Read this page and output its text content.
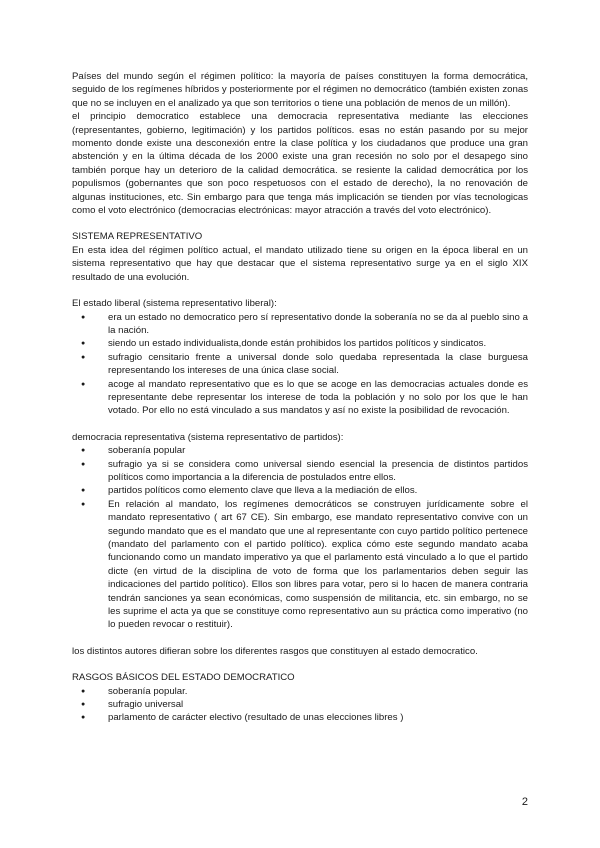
Países del mundo según el régimen político: la mayoría de países constituyen la forma democrática, seguido de los regímenes híbridos y posteriormente por el régimen no democrático (también existen zonas que no se incluyen en el analizado ya que son territorios o tiene una población de menos de un millón).

el principio democratico establece una democracia representativa mediante las elecciones (representantes, gobierno, legitimación) y los partidos políticos. esas no están pasando por su mejor momento donde existe una desconexión entre la clase política y los ciudadanos que produce una gran abstención y en la última década de los 2000 existe una gran recesión no solo por el desapego sino también porque hay un deterioro de la calidad democrática. se resiente la calidad democrática por los populismos (gobernantes que son poco respetuosos con el estado de derecho), la no renovación de algunas instituciones, etc. Sin embargo para que tenga más implicación se tienden por vías tecnologicas como el voto electrónico (democracias electrónicas: mayor atracción a través del voto electrónico).

SISTEMA REPRESENTATIVO

En esta idea del régimen político actual, el mandato utilizado tiene su origen en la época liberal en un sistema representativo que hay que destacar que el sistema representativo surge ya en el siglo XIX resultado de una evolución.

El estado liberal (sistema representativo liberal):

● era un estado no democratico pero sí representativo donde la soberanía no se da al pueblo sino a la nación.
● siendo un estado individualista,donde están prohibidos los partidos políticos y sindicatos.
● sufragio censitario frente a universal donde solo quedaba representada la clase burguesa representando los intereses de una única clase social.
● acoge al mandato representativo que es lo que se acoge en las democracias actuales donde es representante debe representar los interese de toda la población y no solo por los que le han votado. Por ello no está vinculado a sus mandatos y así no existe la posibilidad de revocación.

democracia representativa (sistema representativo de partidos):

● soberanía popular
● sufragio ya si se considera como universal siendo esencial la presencia de distintos partidos políticos como importancia a la diferencia de postulados entre ellos.
● partidos políticos como elemento clave que lleva a la mediación de ellos.
● En relación al mandato, los regímenes democráticos se construyen jurídicamente sobre el mandato representativo ( art 67 CE). Sin embargo, ese mandato representativo convive con un segundo mandato que es el mandato que une al representante con cuyo partido político pertenece (mandato del parlamento con el partido político). explica cómo este segundo mandato acaba funcionando como un mandato imperativo ya que el parlamento está vinculado a lo que el partido dicte (en virtud de la disciplina de voto de forma que los parlamentarios deben seguir las indicaciones del partido político). Ellos son libres para votar, pero si lo hacen de manera contraria tendrán sanciones ya sean económicas, como suspensión de militancia, etc. sin embargo, no se les suprime el acta ya que se constituye como representativo aun su práctica como imperativo (no lo pueden revocar o restituir).

los distintos autores difieran sobre los diferentes rasgos que constituyen al estado democratico.

RASGOS BÁSICOS DEL ESTADO DEMOCRATICO

● soberanía popular.
● sufragio universal
● parlamento de carácter electivo (resultado de unas elecciones libres )
2
